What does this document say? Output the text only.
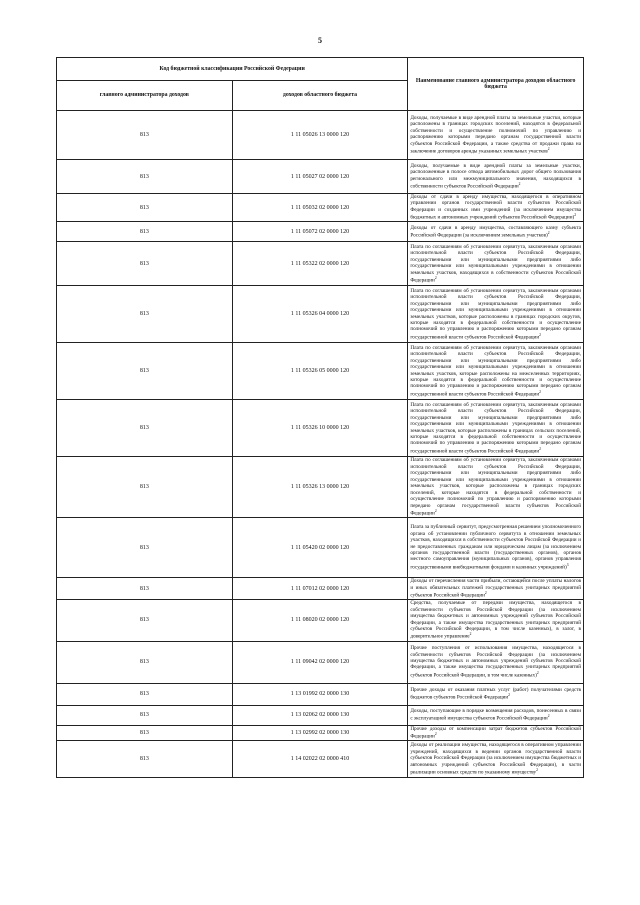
5
Код бюджетной классификации Российской Федерации		Наименование главного администратора доходов областного бюджета
главного администратора доходов	доходов областного бюджета	
813	1 11 05026 13 0000 120	Доходы, получаемые в виде арендной платы за земельные участки, которые расположены в границах городских поселений, находятся в федеральной собственности и осуществление полномочий по управлению и распоряжению которыми передано органам государственной власти субъектов Российской Федерации, а также средства от продажи права на заключение договоров аренды указанных земельных участков$^2$
813	1 11 05027 02 0000 120	Доходы, получаемые в виде арендной платы за земельные участки, расположенные в полосе отвода автомобильных дорог общего пользования регионального или межмуниципального значения, находящихся в собственности субъектов Российской Федерации$^2$
813	1 11 05032 02 0000 120	Доходы от сдачи в аренду имущества, находящегося в оперативном управлении органов государственной власти субъектов Российской Федерации и созданных ими учреждений (за исключением имущества бюджетных и автономных учреждений субъектов Российской Федерации)$^2$
813	1 11 05072 02 0000 120	Доходы от сдачи в аренду имущества, составляющего казну субъекта Российской Федерации (за исключением земельных участков)$^2$
813	1 11 05322 02 0000 120	Плата по соглашениям об установлении сервитута, заключенным органами исполнительной власти субъектов Российской Федерации, государственными или муниципальными предприятиями либо государственными или муниципальными учреждениями в отношении земельных участков, находящихся в собственности субъектов Российской Федерации$^2$
813	1 11 05326 04 0000 120	Плата по соглашениям об установлении сервитута, заключенным органами исполнительной власти субъектов Российской Федерации, государственными или муниципальными предприятиями либо государственными или муниципальными учреждениями в отношении земельных участков, которые расположены в границах городских округов, которые находятся в федеральной собственности и осуществление полномочий по управлению и распоряжению которыми передано органам государственной власти субъектов Российской Федерации$^2$
813	1 11 05326 05 0000 120	Плата по соглашениям об установлении сервитута, заключенным органами исполнительной власти субъектов Российской Федерации, государственными или муниципальными предприятиями либо государственными или муниципальными учреждениями в отношении земельных участков, которые расположены на межселенных территориях, которые находятся в федеральной собственности и осуществление полномочий по управлению и распоряжению которыми передано органам государственной власти субъектов Российской Федерации$^2$
813	1 11 05326 10 0000 120	Плата по соглашениям об установлении сервитута, заключенным органами исполнительной власти субъектов Российской Федерации, государственными или муниципальными предприятиями либо государственными или муниципальными учреждениями в отношении земельных участков, которые расположены в границах сельских поселений, которые находятся в федеральной собственности и осуществление полномочий по управлению и распоряжению которыми передано органам государственной власти субъектов Российской Федерации$^2$
813	1 11 05326 13 0000 120	Плата по соглашениям об установлении сервитута, заключенным органами исполнительной власти субъектов Российской Федерации, государственными или муниципальными предприятиями либо государственными или муниципальными учреждениями в отношении земельных участков, которые расположены в границах городских поселений, которые находятся в федеральной собственности и осуществление полномочий по управлению и распоряжению которыми передано органам государственной власти субъектов Российской Федерации$^2$
813	1 11 05420 02 0000 120	Плата за публичный сервитут, предусмотренная решением уполномоченного органа об установлении публичного сервитута в отношении земельных участков, находящихся в собственности субъектов Российской Федерации и не предоставленных гражданам или юридическим лицам (за исключением органов государственной власти (государственных органов), органов местного самоуправления (муниципальных органов), органов управления государственными внебюджетными фондами и казенных учреждений)$^3$
813	1 11 07012 02 0000 120	Доходы от перечисления части прибыли, остающейся после уплаты налогов и иных обязательных платежей государственных унитарных предприятий субъектов Российской Федерации$^2$
813	1 11 08020 02 0000 120	Средства, получаемые от передачи имущества, находящегося в собственности субъектов Российской Федерации (за исключением имущества бюджетных и автономных учреждений субъектов Российской Федерации, а также имущества государственных унитарных предприятий субъектов Российской Федерации, в том числе казенных), в залог, в доверительное управление$^2$
813	1 11 09042 02 0000 120	Прочие поступления от использования имущества, находящегося в собственности субъектов Российской Федерации (за исключением имущества бюджетных и автономных учреждений субъектов Российской Федерации, а также имущества государственных унитарных предприятий субъектов Российской Федерации, в том числе казенных)$^2$
813	1 13 01992 02 0000 130	Прочие доходы от оказания платных услуг (работ) получателями средств бюджетов субъектов Российской Федерации$^2$
813	1 13 02062 02 0000 130	Доходы, поступающие в порядке возмещения расходов, понесенных в связи с эксплуатацией имущества субъектов Российской Федерации$^2$
813	1 13 02992 02 0000 130	Прочие доходы от компенсации затрат бюджетов субъектов Российской Федерации$^2$
813	1 14 02022 02 0000 410	Доходы от реализации имущества, находящегося в оперативном управлении учреждений, находящихся в ведении органов государственной власти субъектов Российской Федерации (за исключением имущества бюджетных и автономных учреждений субъектов Российской Федерации), в части реализации основных средств по указанному имуществу$^2$
